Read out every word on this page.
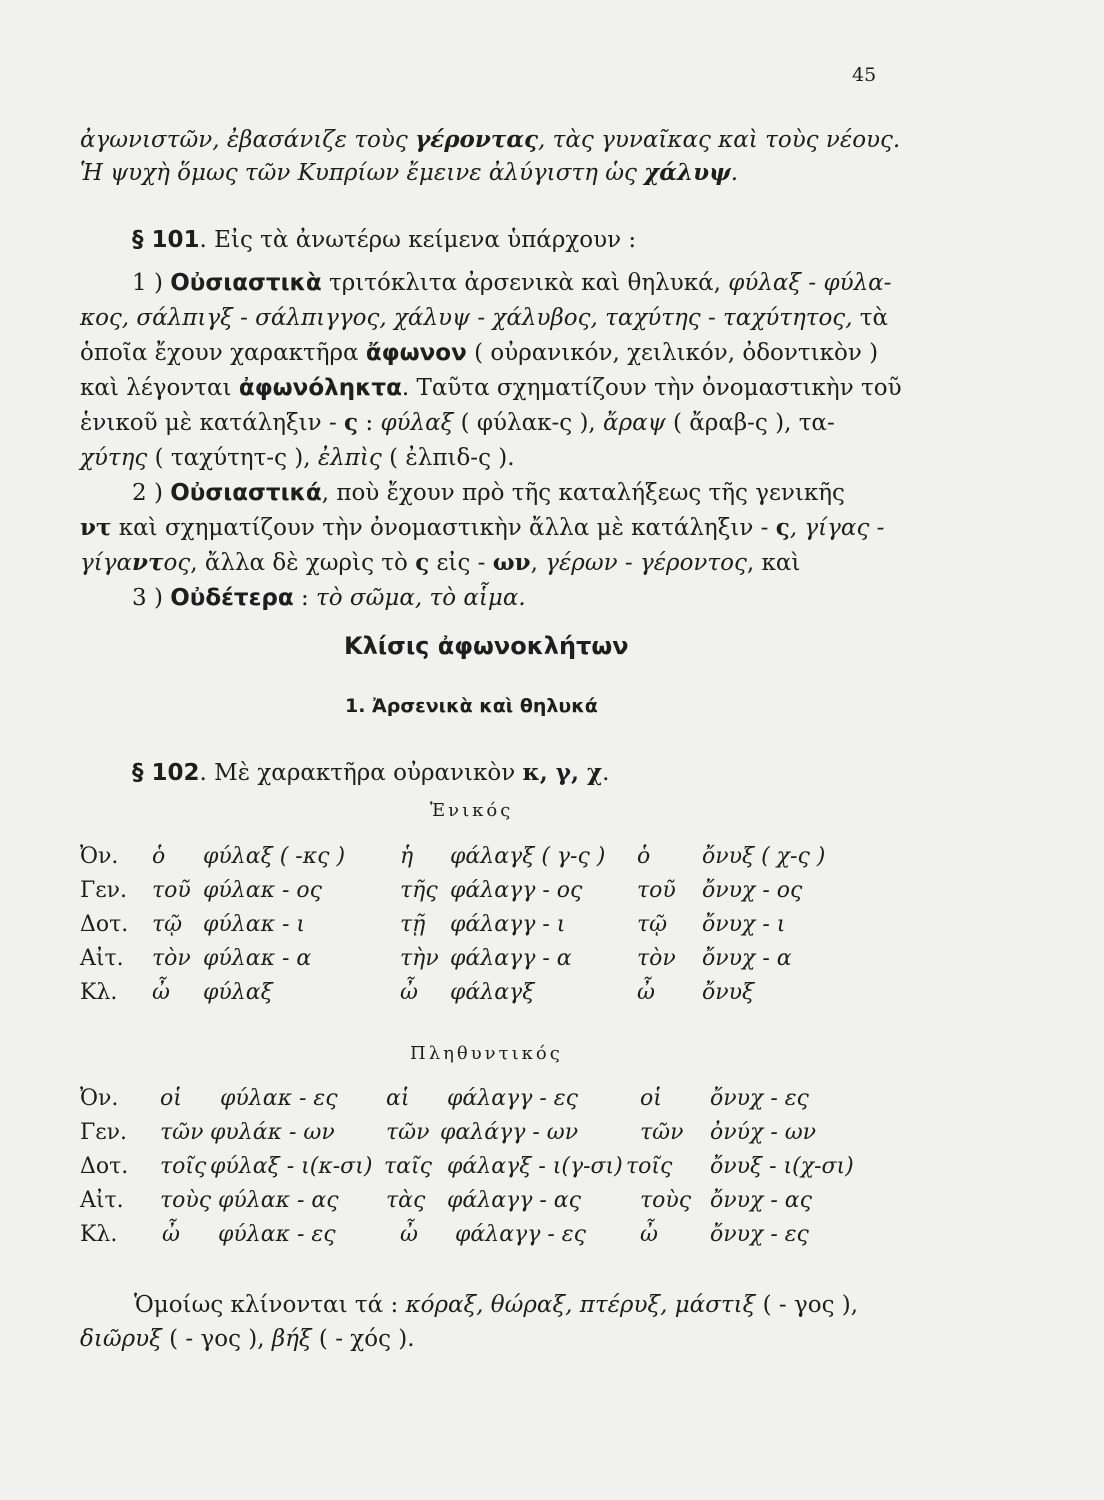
45
ἀγωνιστῶν, ἐβασάνιζε τοὺς γέροντας, τὰς γυναῖκας καὶ τοὺς νέους.
Ἡ ψυχὴ ὅμως τῶν Κυπρίων ἔμεινε ἀλύγιστη ὡς χάλυψ.
§ 101. Εἰς τὰ ἀνωτέρω κείμενα ὑπάρχουν :
1 ) Οὐσιαστικὰ τριτόκλιτα ἀρσενικὰ καὶ θηλυκά, φύλαξ - φύλα-
κος, σάλπιγξ - σάλπιγγος, χάλυψ - χάλυβος, ταχύτης - ταχύτητος, τὰ
ὁποῖα ἔχουν χαρακτῆρα ἄφωνον ( οὐρανικόν, χειλικόν, ὀδοντικὸν )
καὶ λέγονται ἀφωνόληκτα. Ταῦτα σχηματίζουν τὴν ὀνομαστικὴν τοῦ
ἑνικοῦ μὲ κατάληξιν - ς : φύλαξ ( φύλακ-ς ), ἄραψ ( ἄραβ-ς ), τα-
χύτης ( ταχύτητ-ς ), ἐλπὶς ( ἐλπιδ-ς ).
2 ) Οὐσιαστικά, ποὺ ἔχουν πρὸ τῆς καταλήξεως τῆς γενικῆς
ντ καὶ σχηματίζουν τὴν ὀνομαστικὴν ἄλλα μὲ κατάληξιν - ς, γίγας -
γίγαντος, ἄλλα δὲ χωρὶς τὸ ς εἰς - ων, γέρων - γέροντος, καὶ
3 ) Οὐδέτερα : τὸ σῶμα, τὸ αἷμα.
Κλίσις ἀφωνοκλήτων
1. Ἀρσενικὰ καὶ θηλυκά
§ 102. Μὲ χαρακτῆρα οὐρανικὸν κ, γ, χ.
Ἑνικός
Ὀν. ὁ φύλαξ ( -κς ) ἡ φάλαγξ ( γ-ς ) ὁ ὄνυξ ( χ-ς )
Γεν. τοῦ φύλακ - ος	τῆς φάλαγγ - ος τοῦ ὄνυχ - ος
Δοτ. τῷ φύλακ - ι	τῇ φάλαγγ - ι	τῷ ὄνυχ - ι
Αἰτ. τὸν φύλακ - α	τὴν φάλαγγ - α	τὸν ὄνυχ - α
Κλ. ὦ φύλαξ	ὦ φάλαγξ	ὦ ὄνυξ
Πληθυντικός
Ὀν. οἱ φύλακ - ες αἱ φάλαγγ - ες	οἱ ὄνυχ - ες
Γεν. τῶν φυλάκ - ων τῶν φαλάγγ - ων	τῶν ὀνύχ - ων
Δοτ. τοῖς φύλαξ - ι(κ-σι) ταῖς φάλαγξ - ι(γ-σι) τοῖς ὄνυξ - ι(χ-σι)
Αἰτ. τοὺς φύλακ - ας τὰς φάλαγγ - ας	τοὺς ὄνυχ - ας
Κλ. ὦ φύλακ - ες	ὦ φάλαγγ - ες ὦ ὄνυχ - ες
Ὁμοίως κλίνονται τά : κόραξ, θώραξ, πτέρυξ, μάστιξ ( - γος ),
διῶρυξ ( - γος ), βήξ ( - χός ).
